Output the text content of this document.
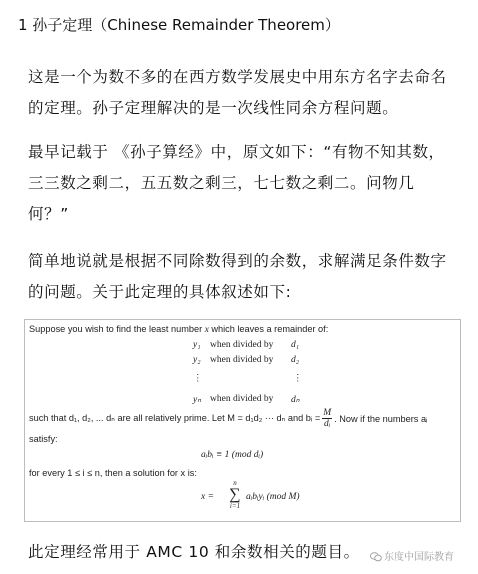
1 孙子定理（Chinese Remainder Theorem）
这是一个为数不多的在西方数学发展史中用东方名字去命名的定理。孙子定理解决的是一次线性同余方程问题。
最早记载于 《孙子算经》中，原文如下：“有物不知其数，三三数之剩二，五五数之剩三，七七数之剩二。问物几何？”
简单地说就是根据不同除数得到的余数，求解满足条件数字的问题。关于此定理的具体叙述如下:
Suppose you wish to find the least number x which leaves a remainder of:
y₁ when divided by d₁
y₂ when divided by d₂
⋮	⋮
yₙ when divided by dₙ
such that d₁, d₂, ... dₙ are all relatively prime. Let M = d₁d₂ ··· dₙ and bᵢ = $\frac{M}{\text{dᵢ}}$ . Now if the numbers aᵢ
satisfy:
aᵢbᵢ ≡ 1 (mod dᵢ)
for every 1 ≤ i ≤ n, then a solution for x is:
x =
n
∑
i=1
aᵢbᵢyᵢ (mod M)
此定理经常用于 AMC 10 和余数相关的题目。	东度中国际教育
